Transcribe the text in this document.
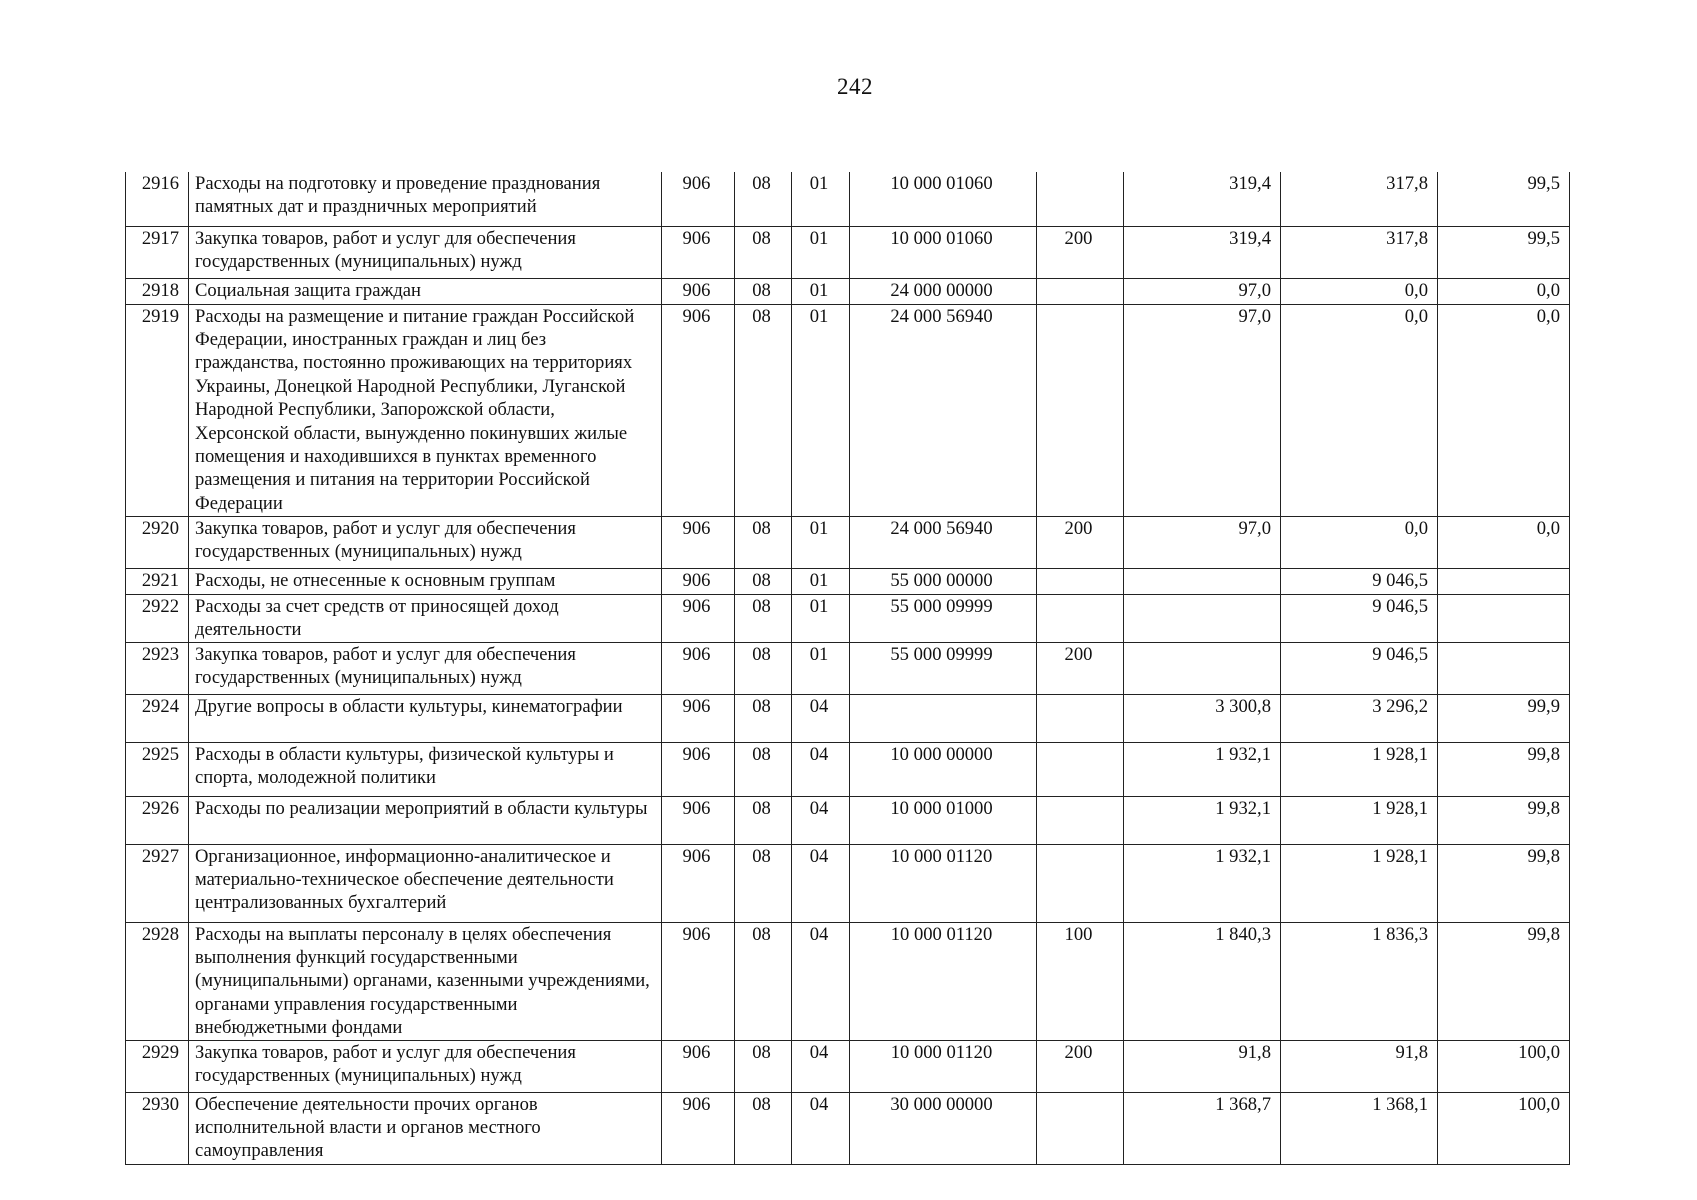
242
2916	Расходы на подготовку и проведение празднования памятных дат и праздничных мероприятий	906	08	01	10 000 01060		319,4	317,8	99,5
2917	Закупка товаров, работ и услуг для обеспечения государственных (муниципальных) нужд	906	08	01	10 000 01060	200	319,4	317,8	99,5
2918	Социальная защита граждан	906	08	01	24 000 00000		97,0	0,0	0,0
2919	Расходы на размещение и питание граждан Российской Федерации, иностранных граждан и лиц без гражданства, постоянно проживающих на территориях Украины, Донецкой Народной Республики, Луганской Народной Республики, Запорожской области, Херсонской области, вынужденно покинувших жилые помещения и находившихся в пунктах временного размещения и питания на территории Российской Федерации	906	08	01	24 000 56940		97,0	0,0	0,0
2920	Закупка товаров, работ и услуг для обеспечения государственных (муниципальных) нужд	906	08	01	24 000 56940	200	97,0	0,0	0,0
2921	Расходы, не отнесенные к основным группам	906	08	01	55 000 00000			9 046,5	
2922	Расходы за счет средств от приносящей доход деятельности	906	08	01	55 000 09999			9 046,5	
2923	Закупка товаров, работ и услуг для обеспечения государственных (муниципальных) нужд	906	08	01	55 000 09999	200		9 046,5	
2924	Другие вопросы в области культуры, кинематографии	906	08	04			3 300,8	3 296,2	99,9
2925	Расходы в области культуры, физической культуры и спорта, молодежной политики	906	08	04	10 000 00000		1 932,1	1 928,1	99,8
2926	Расходы по реализации мероприятий в области культуры	906	08	04	10 000 01000		1 932,1	1 928,1	99,8
2927	Организационное, информационно-аналитическое и материально-техническое обеспечение деятельности централизованных бухгалтерий	906	08	04	10 000 01120		1 932,1	1 928,1	99,8
2928	Расходы на выплаты персоналу в целях обеспечения выполнения функций государственными (муниципальными) органами, казенными учреждениями, органами управления государственными внебюджетными фондами	906	08	04	10 000 01120	100	1 840,3	1 836,3	99,8
2929	Закупка товаров, работ и услуг для обеспечения государственных (муниципальных) нужд	906	08	04	10 000 01120	200	91,8	91,8	100,0
2930	Обеспечение деятельности прочих органов исполнительной власти и органов местного самоуправления	906	08	04	30 000 00000		1 368,7	1 368,1	100,0
